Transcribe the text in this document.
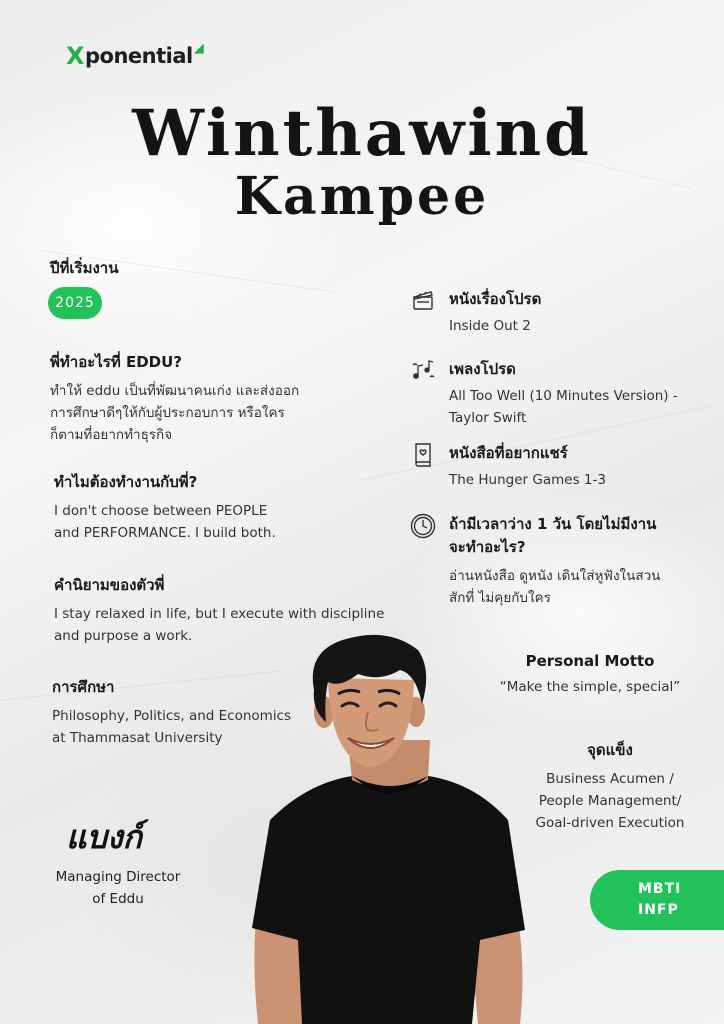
X ponential ◢
Winthawind
Kampee
ปีที่เริ่มงาน
2025
พี่ทำอะไรที่ EDDU?
ทำให้ eddu เป็นที่พัฒนาคนเก่ง และส่งออก
การศึกษาดีๆให้กับผู้ประกอบการ หรือใคร
ก็ตามที่อยากทำธุรกิจ
ทำไมต้องทำงานกับพี่?
I don't choose between PEOPLE
and PERFORMANCE. I build both.
คำนิยามของตัวพี่
I stay relaxed in life, but I execute with discipline
and purpose a work.
การศึกษา
Philosophy, Politics, and Economics
at Thammasat University
หนังเรื่องโปรด
Inside Out 2
เพลงโปรด
All Too Well (10 Minutes Version) -
Taylor Swift
หนังสือที่อยากแชร์
The Hunger Games 1-3
ถ้ามีเวลาว่าง 1 วัน โดยไม่มีงาน
จะทำอะไร?
อ่านหนังสือ ดูหนัง เดินใส่หูฟังในสวน
สักที่ ไม่คุยกับใคร
Personal Motto
“Make the simple, special”
จุดแข็ง
Business Acumen /
People Management/
Goal-driven Execution
MBTI
INFP
แบงก์
Managing Director
of Eddu
